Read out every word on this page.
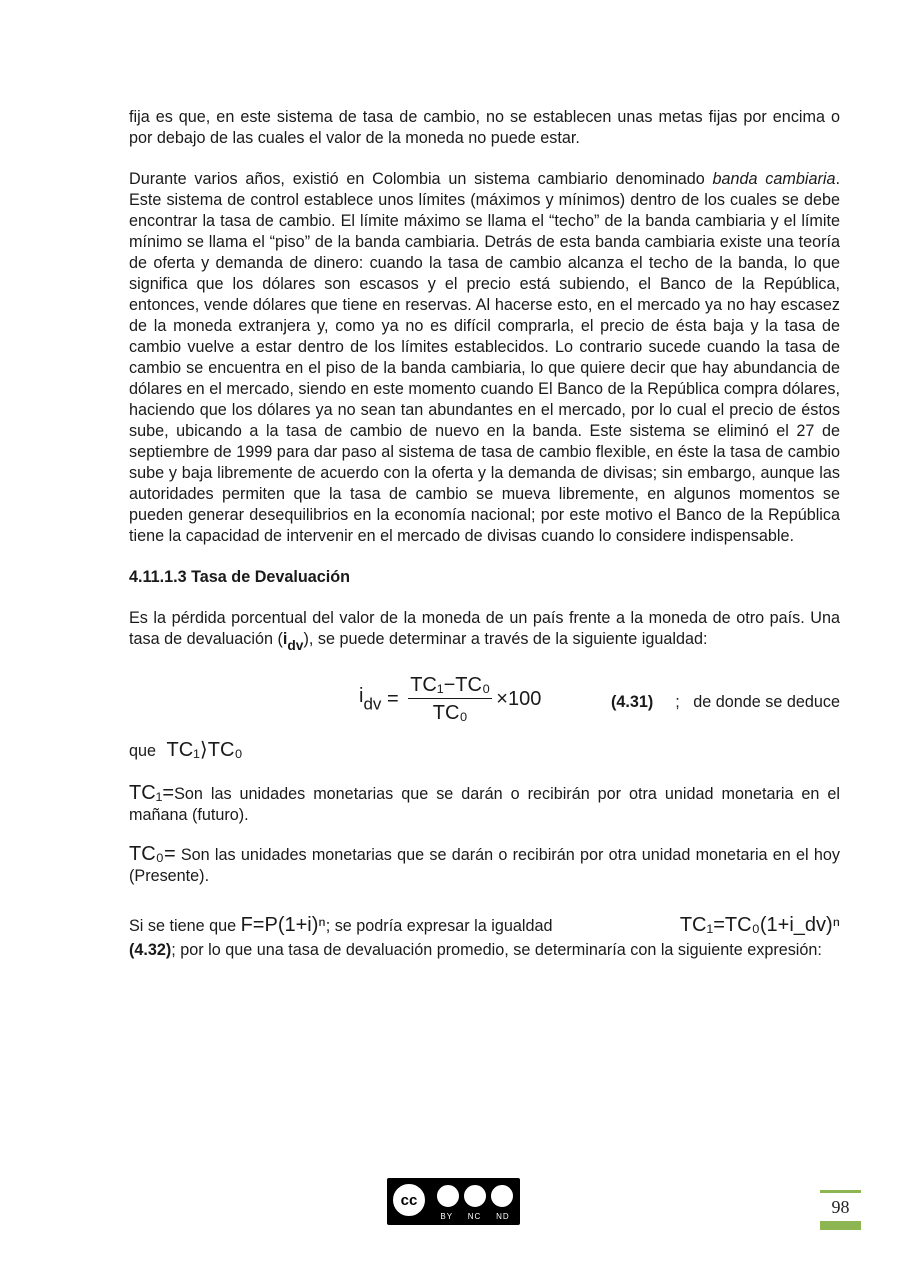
fija es que, en este sistema de tasa de cambio, no se establecen unas metas fijas por encima o por debajo de las cuales el valor de la moneda no puede estar.

Durante varios años, existió en Colombia un sistema cambiario denominado banda cambiaria. Este sistema de control establece unos límites (máximos y mínimos) dentro de los cuales se debe encontrar la tasa de cambio. El límite máximo se llama el “techo” de la banda cambiaria y el límite mínimo se llama el “piso” de la banda cambiaria. Detrás de esta banda cambiaria existe una teoría de oferta y demanda de dinero: cuando la tasa de cambio alcanza el techo de la banda, lo que significa que los dólares son escasos y el precio está subiendo, el Banco de la República, entonces, vende dólares que tiene en reservas. Al hacerse esto, en el mercado ya no hay escasez de la moneda extranjera y, como ya no es difícil comprarla, el precio de ésta baja y la tasa de cambio vuelve a estar dentro de los límites establecidos. Lo contrario sucede cuando la tasa de cambio se encuentra en el piso de la banda cambiaria, lo que quiere decir que hay abundancia de dólares en el mercado, siendo en este momento cuando El Banco de la República compra dólares, haciendo que los dólares ya no sean tan abundantes en el mercado, por lo cual el precio de éstos sube, ubicando a la tasa de cambio de nuevo en la banda. Este sistema se eliminó el 27 de septiembre de 1999 para dar paso al sistema de tasa de cambio flexible, en éste la tasa de cambio sube y baja libremente de acuerdo con la oferta y la demanda de divisas; sin embargo, aunque las autoridades permiten que la tasa de cambio se mueva libremente, en algunos momentos se pueden generar desequilibrios en la economía nacional; por este motivo el Banco de la República tiene la capacidad de intervenir en el mercado de divisas cuando lo considere indispensable.

4.11.1.3 Tasa de Devaluación

Es la pérdida porcentual del valor de la moneda de un país frente a la moneda de otro país. Una tasa de devaluación $(i_{dv})$, se puede determinar a través de la siguiente igualdad:

$i_{dv} = \frac{\text{TC₁−TC₀}}{\text{TC₀}} \times 100$	(4.31) ;   de donde se deduce
que TC₁⟩TC₀

TC₁=Son las unidades monetarias que se darán o recibirán por otra unidad monetaria en el mañana (futuro).

TC₀= Son las unidades monetarias que se darán o recibirán por otra unidad monetaria en el hoy (Presente).

Si se tiene que F=P(1+i)ⁿ; se podría expresar la igualdad	TC₁=TC₀(1+i_dv)ⁿ

(4.32); por lo que una tasa de devaluación promedio, se determinaría con la siguiente expresión:

cc
BY NC ND	98
